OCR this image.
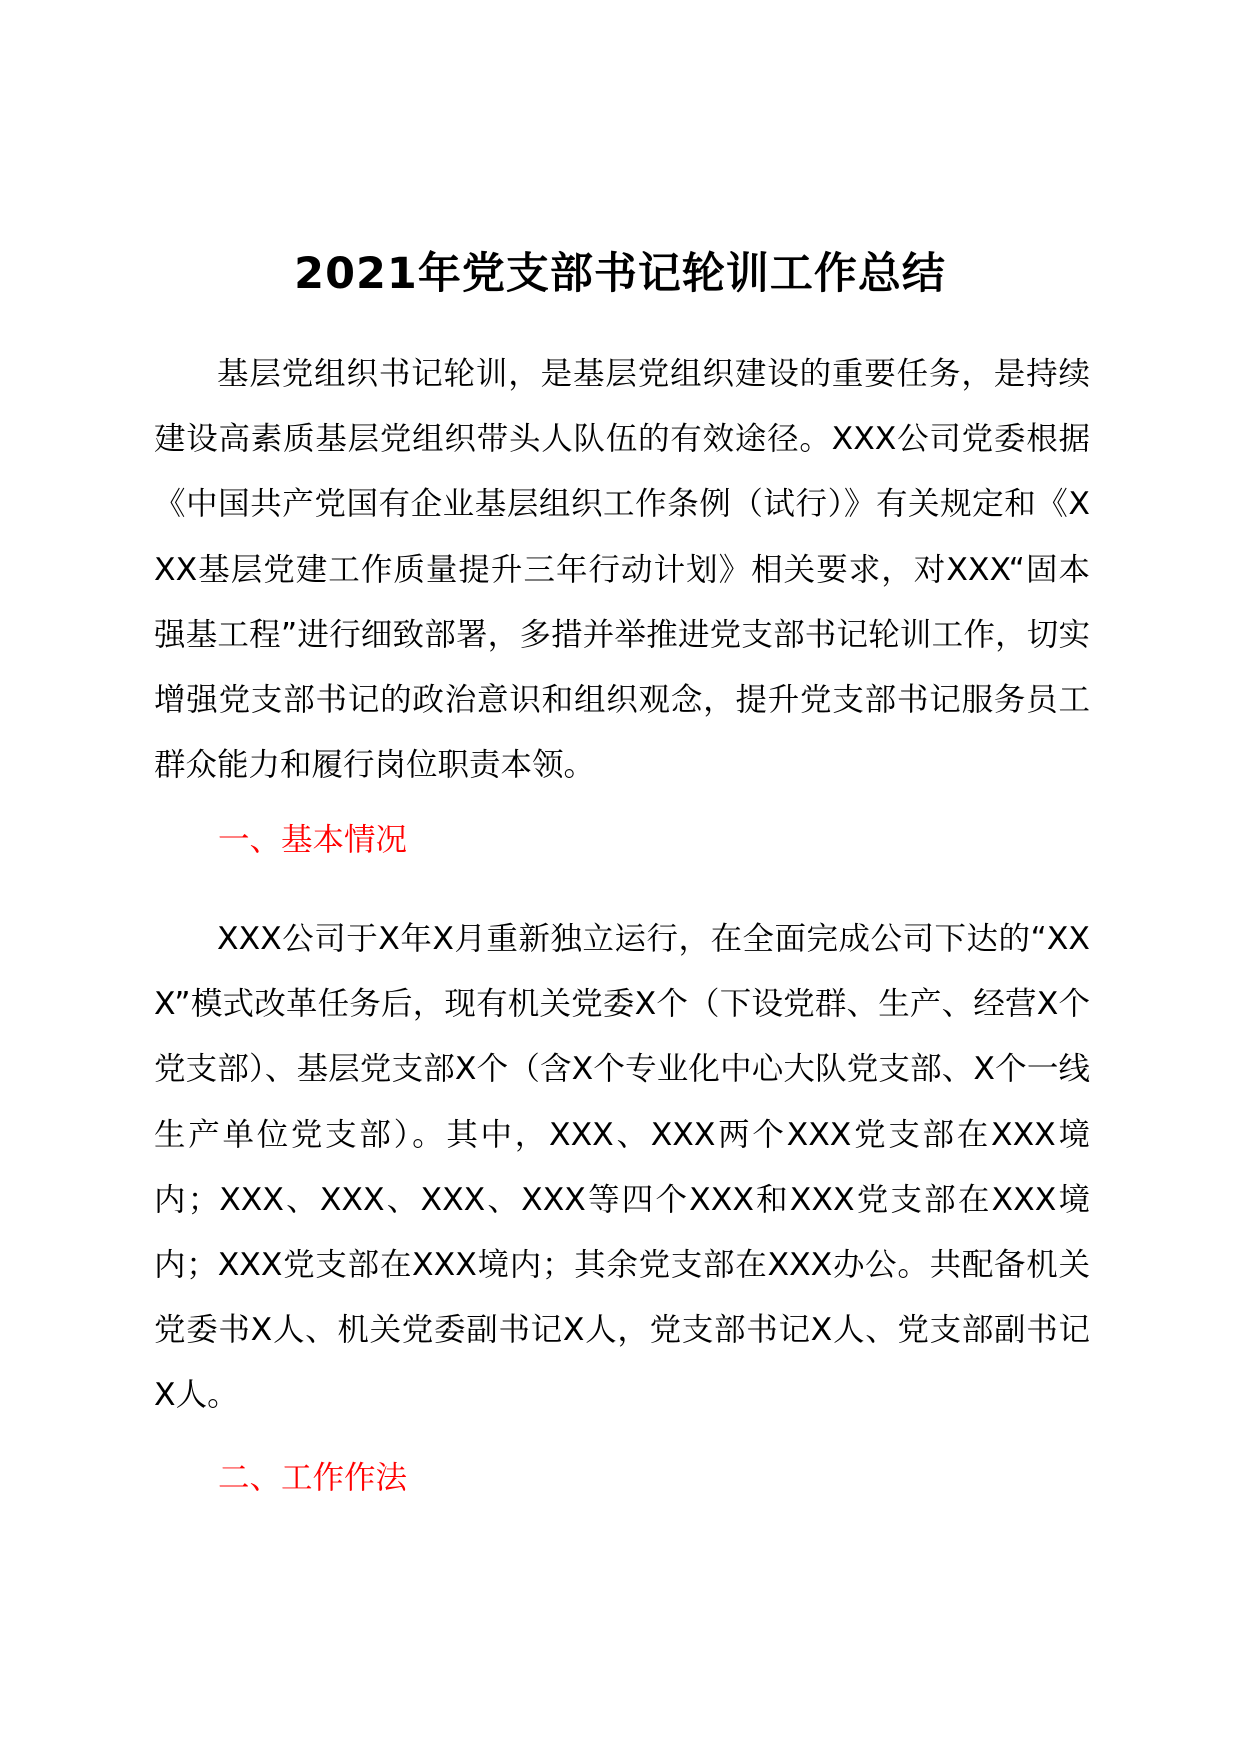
2021年党支部书记轮训工作总结

基层党组织书记轮训，是基层党组织建设的重要任务，是持续建设高素质基层党组织带头人队伍的有效途径。XXX公司党委根据《中国共产党国有企业基层组织工作条例（试行）》有关规定和《XXX基层党建工作质量提升三年行动计划》相关要求，对XXX“固本强基工程”进行细致部署，多措并举推进党支部书记轮训工作，切实增强党支部书记的政治意识和组织观念，提升党支部书记服务员工群众能力和履行岗位职责本领。

一、基本情况

XXX公司于X年X月重新独立运行，在全面完成公司下达的“XXX”模式改革任务后，现有机关党委X个（下设党群、生产、经营X个党支部）、基层党支部X个（含X个专业化中心大队党支部、X个一线生产单位党支部）。其中，XXX、XXX两个XXX党支部在XXX境内；XXX、XXX、XXX、XXX等四个XXX和XXX党支部在XXX境内；XXX党支部在XXX境内；其余党支部在XXX办公。共配备机关党委书X人、机关党委副书记X人，党支部书记X人、党支部副书记X人。

二、工作作法
